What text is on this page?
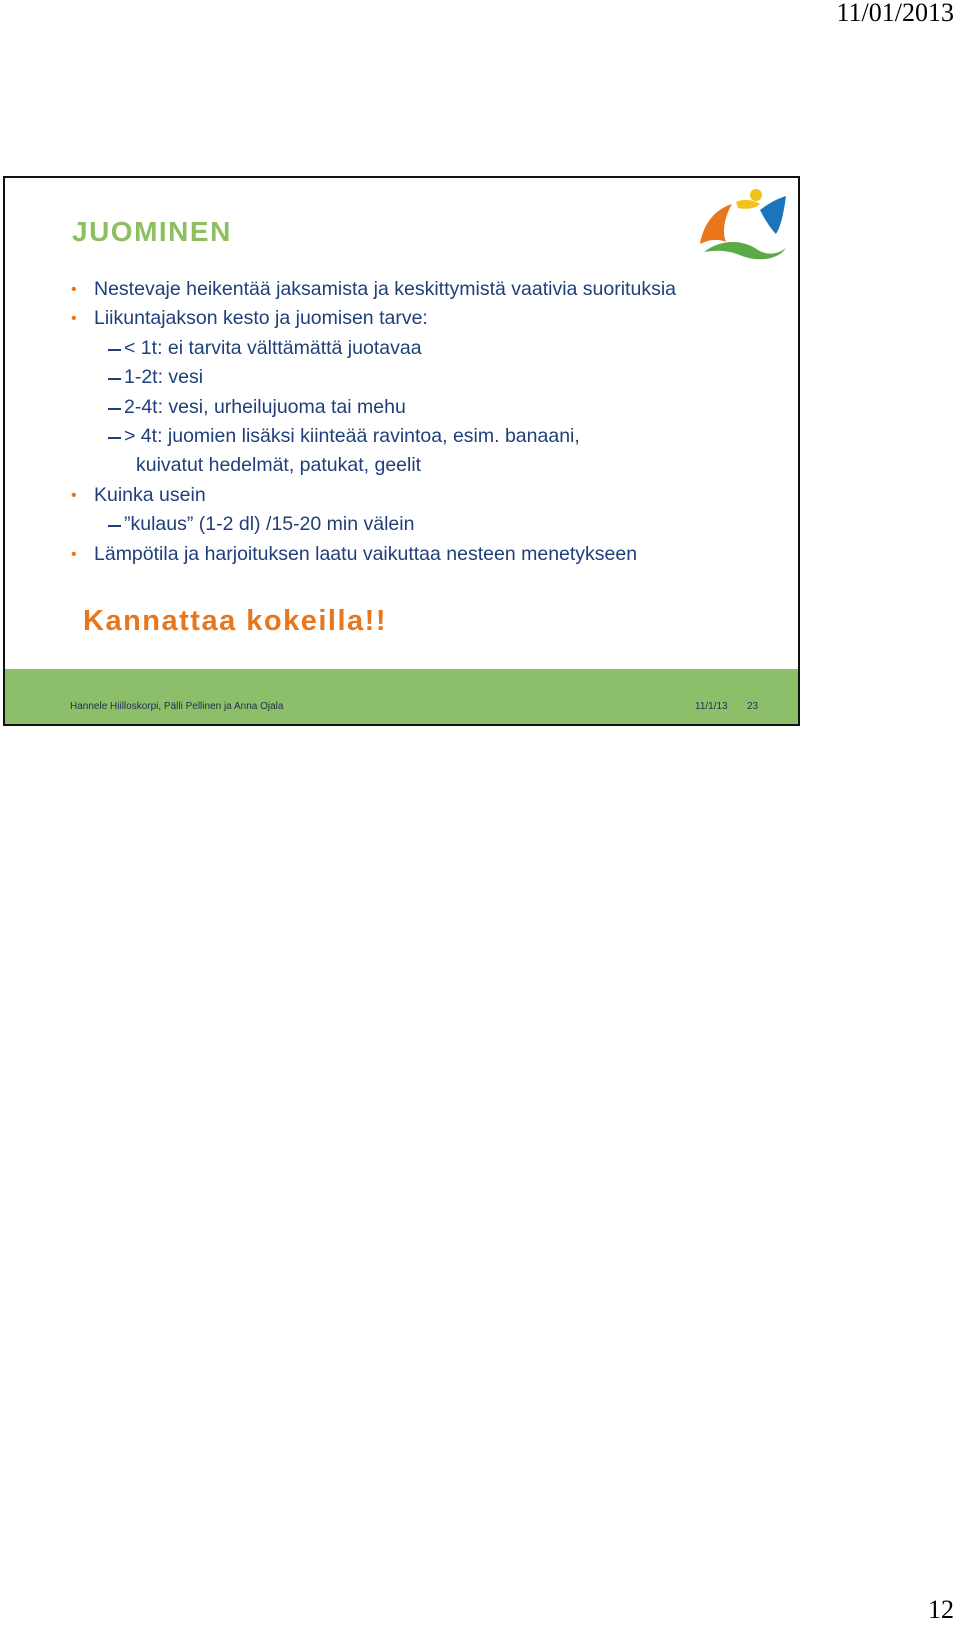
11/01/2013
JUOMINEN
• Nestevaje heikentää jaksamista ja keskittymistä vaativia suorituksia
• Liikuntajakson kesto ja juomisen tarve:
< 1t: ei tarvita välttämättä juotavaa
1-2t: vesi
2-4t: vesi, urheilujuoma tai mehu
> 4t: juomien lisäksi kiinteää ravintoa, esim. banaani,
kuivatut hedelmät, patukat, geelit
• Kuinka usein
”kulaus” (1-2 dl) /15-20 min välein
• Lämpötila ja harjoituksen laatu vaikuttaa nesteen menetykseen

Kannattaa kokeilla!!

Hannele Hiilloskorpi, Pälli Pellinen ja Anna Ojala	11/1/13 23
12
